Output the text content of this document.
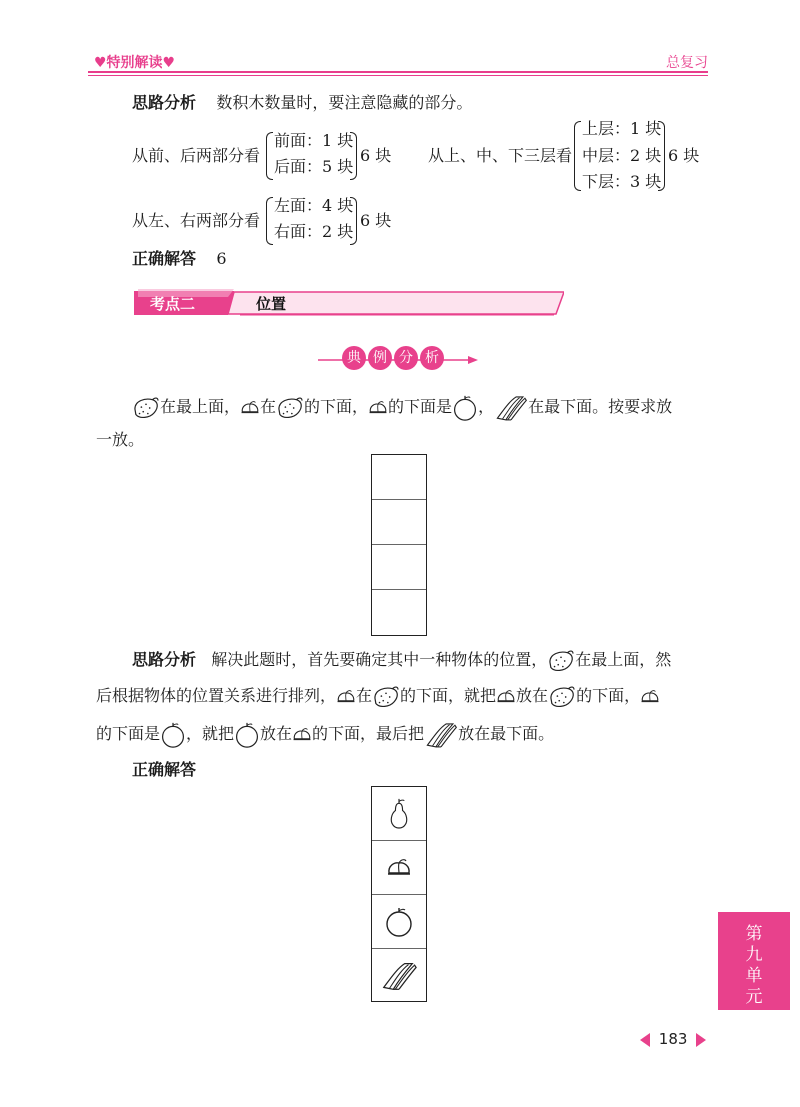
♥特别解读♥	总复习
思路分析 数积木数量时，要注意隐藏的部分。
从前、后两部分看
前面：1 块
后面：5 块
6 块 从上、中、下三层看
上层：1 块
中层：2 块
下层：3 块
6 块
从左、右两部分看
左面：4 块
右面：2 块
6 块
正确解答 6
考点二	位置
典 例 分 析
在最上面， 在 的下面， 的下面是 ， 在最下面。按要求放
一放。
思路分析 解决此题时，首先要确定其中一种物体的位置， 在最上面，然
后根据物体的位置关系进行排列， 在 的下面，就把 放在 的下面，
的下面是 ，就把 放在 的下面，最后把 放在最下面。
正确解答
第九单元
183
